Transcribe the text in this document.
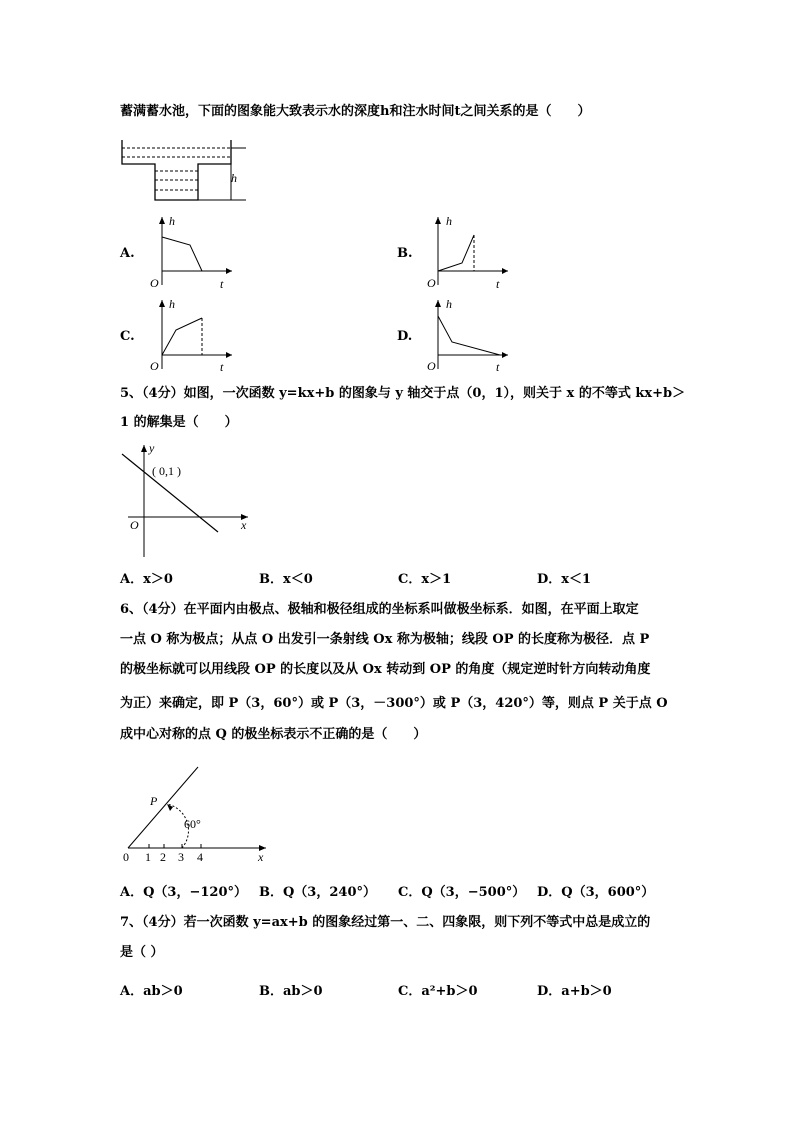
蓄满蓄水池，下面的图象能大致表示水的深度h和注水时间t之间关系的是（　　）
h
A.
h
t
O
B.
h
t
O
C.
h
t
O
D.
h
t
O
5、（4分）如图，一次函数 y=kx+b 的图象与 y 轴交于点（0，1），则关于 x 的不等式 kx+b＞
1 的解集是（　　）
y
x
O
( 0,1 )
A．x＞0	B．x＜0	C．x＞1	D．x＜1
6、（4分）在平面内由极点、极轴和极径组成的坐标系叫做极坐标系．如图，在平面上取定
一点 O 称为极点；从点 O 出发引一条射线 Ox 称为极轴；线段 OP 的长度称为极径．点 P
的极坐标就可以用线段 OP 的长度以及从 Ox 转动到 OP 的角度（规定逆时针方向转动角度
为正）来确定，即 P（3，60°）或 P（3，－300°）或 P（3，420°）等，则点 P 关于点 O
成中心对称的点 Q 的极坐标表示不正确的是（　　）
P
60°
0 1 2 3 4	x
A．Q（3，−120°） B．Q（3，240°） C．Q（3，−500°） D．Q（3，600°）
7、（4分）若一次函数 y=ax+b 的图象经过第一、二、四象限，则下列不等式中总是成立的
是（ ）
A．ab＞0	B．ab＞0	C．a²+b＞0	D．a+b＞0
